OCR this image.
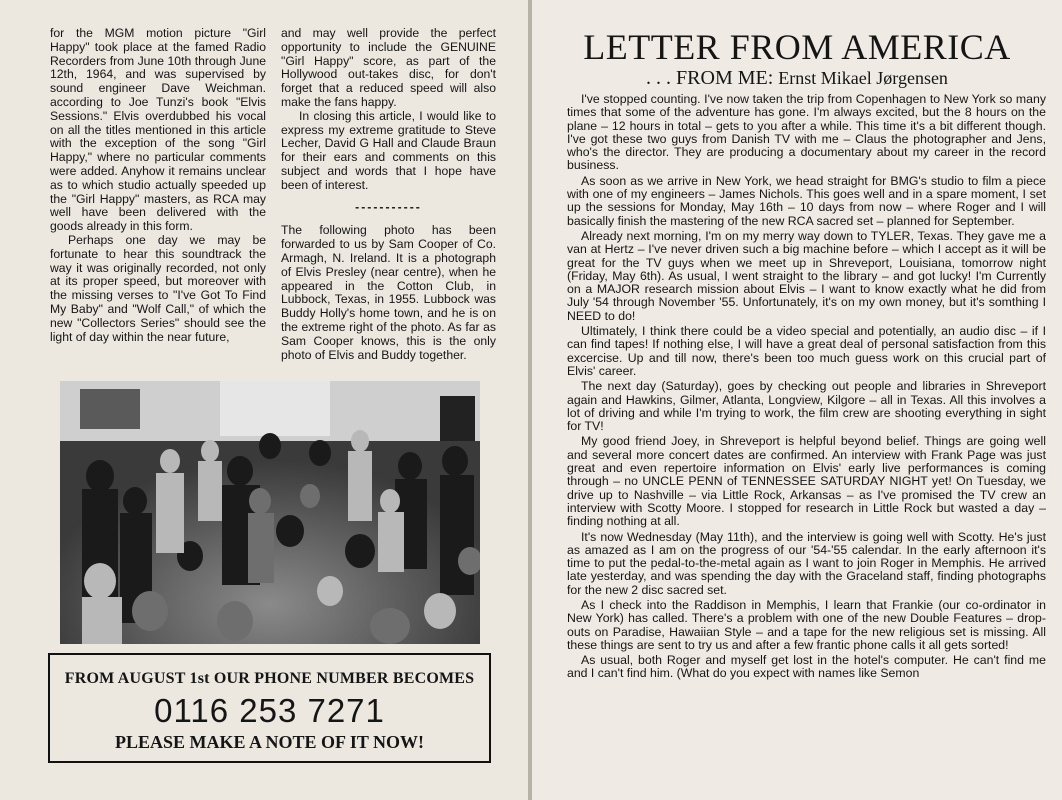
for the MGM motion picture "Girl Happy" took place at the famed Radio Recorders from June 10th through June 12th, 1964, and was supervised by sound engineer Dave Weichman. according to Joe Tunzi's book "Elvis Sessions." Elvis overdubbed his vocal on all the titles mentioned in this article with the exception of the song "Girl Happy," where no particular comments were added. Anyhow it remains unclear as to which studio actually speeded up the "Girl Happy" masters, as RCA may well have been delivered with the goods already in this form.

Perhaps one day we may be fortunate to hear this soundtrack the way it was originally recorded, not only at its proper speed, but moreover with the missing verses to "I've Got To Find My Baby" and "Wolf Call," of which the new "Collectors Series" should see the light of day within the near future,

and may well provide the perfect opportunity to include the GENUINE "Girl Happy" score, as part of the Hollywood out-takes disc, for don't forget that a reduced speed will also make the fans happy.

In closing this article, I would like to express my extreme gratitude to Steve Lecher, David G Hall and Claude Braun for their ears and comments on this subject and words that I hope have been of interest.

-----------

The following photo has been forwarded to us by Sam Cooper of Co. Armagh, N. Ireland. It is a photograph of Elvis Presley (near centre), when he appeared in the Cotton Club, in Lubbock, Texas, in 1955. Lubbock was Buddy Holly's home town, and he is on the extreme right of the photo. As far as Sam Cooper knows, this is the only photo of Elvis and Buddy together.

FROM AUGUST 1st OUR PHONE NUMBER BECOMES
0116 253 7271
PLEASE MAKE A NOTE OF IT NOW!
LETTER FROM AMERICA
. . . FROM ME: Ernst Mikael Jørgensen

I've stopped counting. I've now taken the trip from Copenhagen to New York so many times that some of the adventure has gone. I'm always excited, but the 8 hours on the plane – 12 hours in total – gets to you after a while. This time it's a bit different though. I've got these two guys from Danish TV with me – Claus the photographer and Jens, who's the director. They are producing a documentary about my career in the record business.

As soon as we arrive in New York, we head straight for BMG's studio to film a piece with one of my engineers – James Nichols. This goes well and in a spare moment, I set up the sessions for Monday, May 16th – 10 days from now – where Roger and I will basically finish the mastering of the new RCA sacred set – planned for September.

Already next morning, I'm on my merry way down to TYLER, Texas. They gave me a van at Hertz – I've never driven such a big machine before – which I accept as it will be great for the TV guys when we meet up in Shreveport, Louisiana, tomorrow night (Friday, May 6th). As usual, I went straight to the library – and got lucky! I'm Currently on a MAJOR research mission about Elvis – I want to know exactly what he did from July '54 through November '55. Unfortunately, it's on my own money, but it's somthing I NEED to do!

Ultimately, I think there could be a video special and potentially, an audio disc – if I can find tapes! If nothing else, I will have a great deal of personal satisfaction from this excercise. Up and till now, there's been too much guess work on this crucial part of Elvis' career.

The next day (Saturday), goes by checking out people and libraries in Shreveport again and Hawkins, Gilmer, Atlanta, Longview, Kilgore – all in Texas. All this involves a lot of driving and while I'm trying to work, the film crew are shooting everything in sight for TV!

My good friend Joey, in Shreveport is helpful beyond belief. Things are going well and several more concert dates are confirmed. An interview with Frank Page was just great and even repertoire information on Elvis' early live performances is coming through – no UNCLE PENN of TENNESSEE SATURDAY NIGHT yet! On Tuesday, we drive up to Nashville – via Little Rock, Arkansas – as I've promised the TV crew an interview with Scotty Moore. I stopped for research in Little Rock but wasted a day – finding nothing at all.

It's now Wednesday (May 11th), and the interview is going well with Scotty. He's just as amazed as I am on the progress of our '54-'55 calendar. In the early afternoon it's time to put the pedal-to-the-metal again as I want to join Roger in Memphis. He arrived late yesterday, and was spending the day with the Graceland staff, finding photographs for the new 2 disc sacred set.

As I check into the Raddison in Memphis, I learn that Frankie (our co-ordinator in New York) has called. There's a problem with one of the new Double Features – drop-outs on Paradise, Hawaiian Style – and a tape for the new religious set is missing. All these things are sent to try us and after a few frantic phone calls it all gets sorted!

As usual, both Roger and myself get lost in the hotel's computer. He can't find me and I can't find him. (What do you expect with names like Semon
